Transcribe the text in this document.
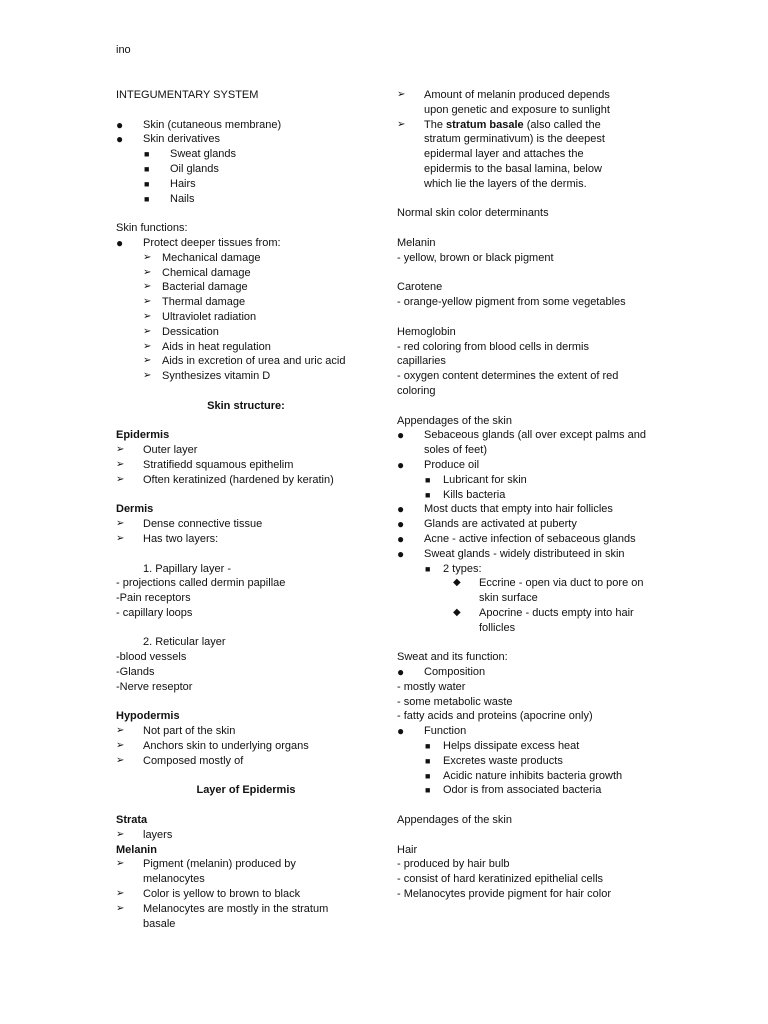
ino
INTEGUMENTARY SYSTEM
● Skin (cutaneous membrane)
● Skin derivatives
■ Sweat glands
■ Oil glands
■ Hairs
■ Nails
Skin functions:
● Protect deeper tissues from:
➢ Mechanical damage
➢ Chemical damage
➢ Bacterial damage
➢ Thermal damage
➢ Ultraviolet radiation
➢ Dessication
➢ Aids in heat regulation
➢ Aids in excretion of urea and uric acid
➢ Synthesizes vitamin D
Skin structure:
Epidermis
➢ Outer layer
➢ Stratifiedd squamous epithelim
➢ Often keratinized (hardened by keratin)
Dermis
➢ Dense connective tissue
➢ Has two layers:
1. Papillary layer -
- projections called dermin papillae
-Pain receptors
- capillary loops
2. Reticular layer
-blood vessels
-Glands
-Nerve reseptor
Hypodermis
➢ Not part of the skin
➢ Anchors skin to underlying organs
➢ Composed mostly of
Layer of Epidermis
Strata
➢ layers
Melanin
➢ Pigment (melanin) produced by melanocytes
➢ Color is yellow to brown to black
➢ Melanocytes are mostly in the stratum basale
➢ Amount of melanin produced depends upon genetic and exposure to sunlight
➢ The stratum basale (also called the stratum germinativum) is the deepest epidermal layer and attaches the epidermis to the basal lamina, below which lie the layers of the dermis.
Normal skin color determinants
Melanin
- yellow, brown or black pigment
Carotene
- orange-yellow pigment from some vegetables
Hemoglobin
- red coloring from blood cells in dermis capillaries
- oxygen content determines the extent of red coloring
Appendages of the skin
● Sebaceous glands (all over except palms and soles of feet)
● Produce oil
■ Lubricant for skin
■ Kills bacteria
● Most ducts that empty into hair follicles
● Glands are activated at puberty
● Acne - active infection of sebaceous glands
● Sweat glands - widely distributeed in skin
■ 2 types:
◆ Eccrine - open via duct to pore on skin surface
◆ Apocrine - ducts empty into hair follicles
Sweat and its function:
● Composition
- mostly water
- some metabolic waste
- fatty acids and proteins (apocrine only)
● Function
■ Helps dissipate excess heat
■ Excretes waste products
■ Acidic nature inhibits bacteria growth
■ Odor is from associated bacteria
Appendages of the skin
Hair
- produced by hair bulb
- consist of hard keratinized epithelial cells
- Melanocytes provide pigment for hair color
